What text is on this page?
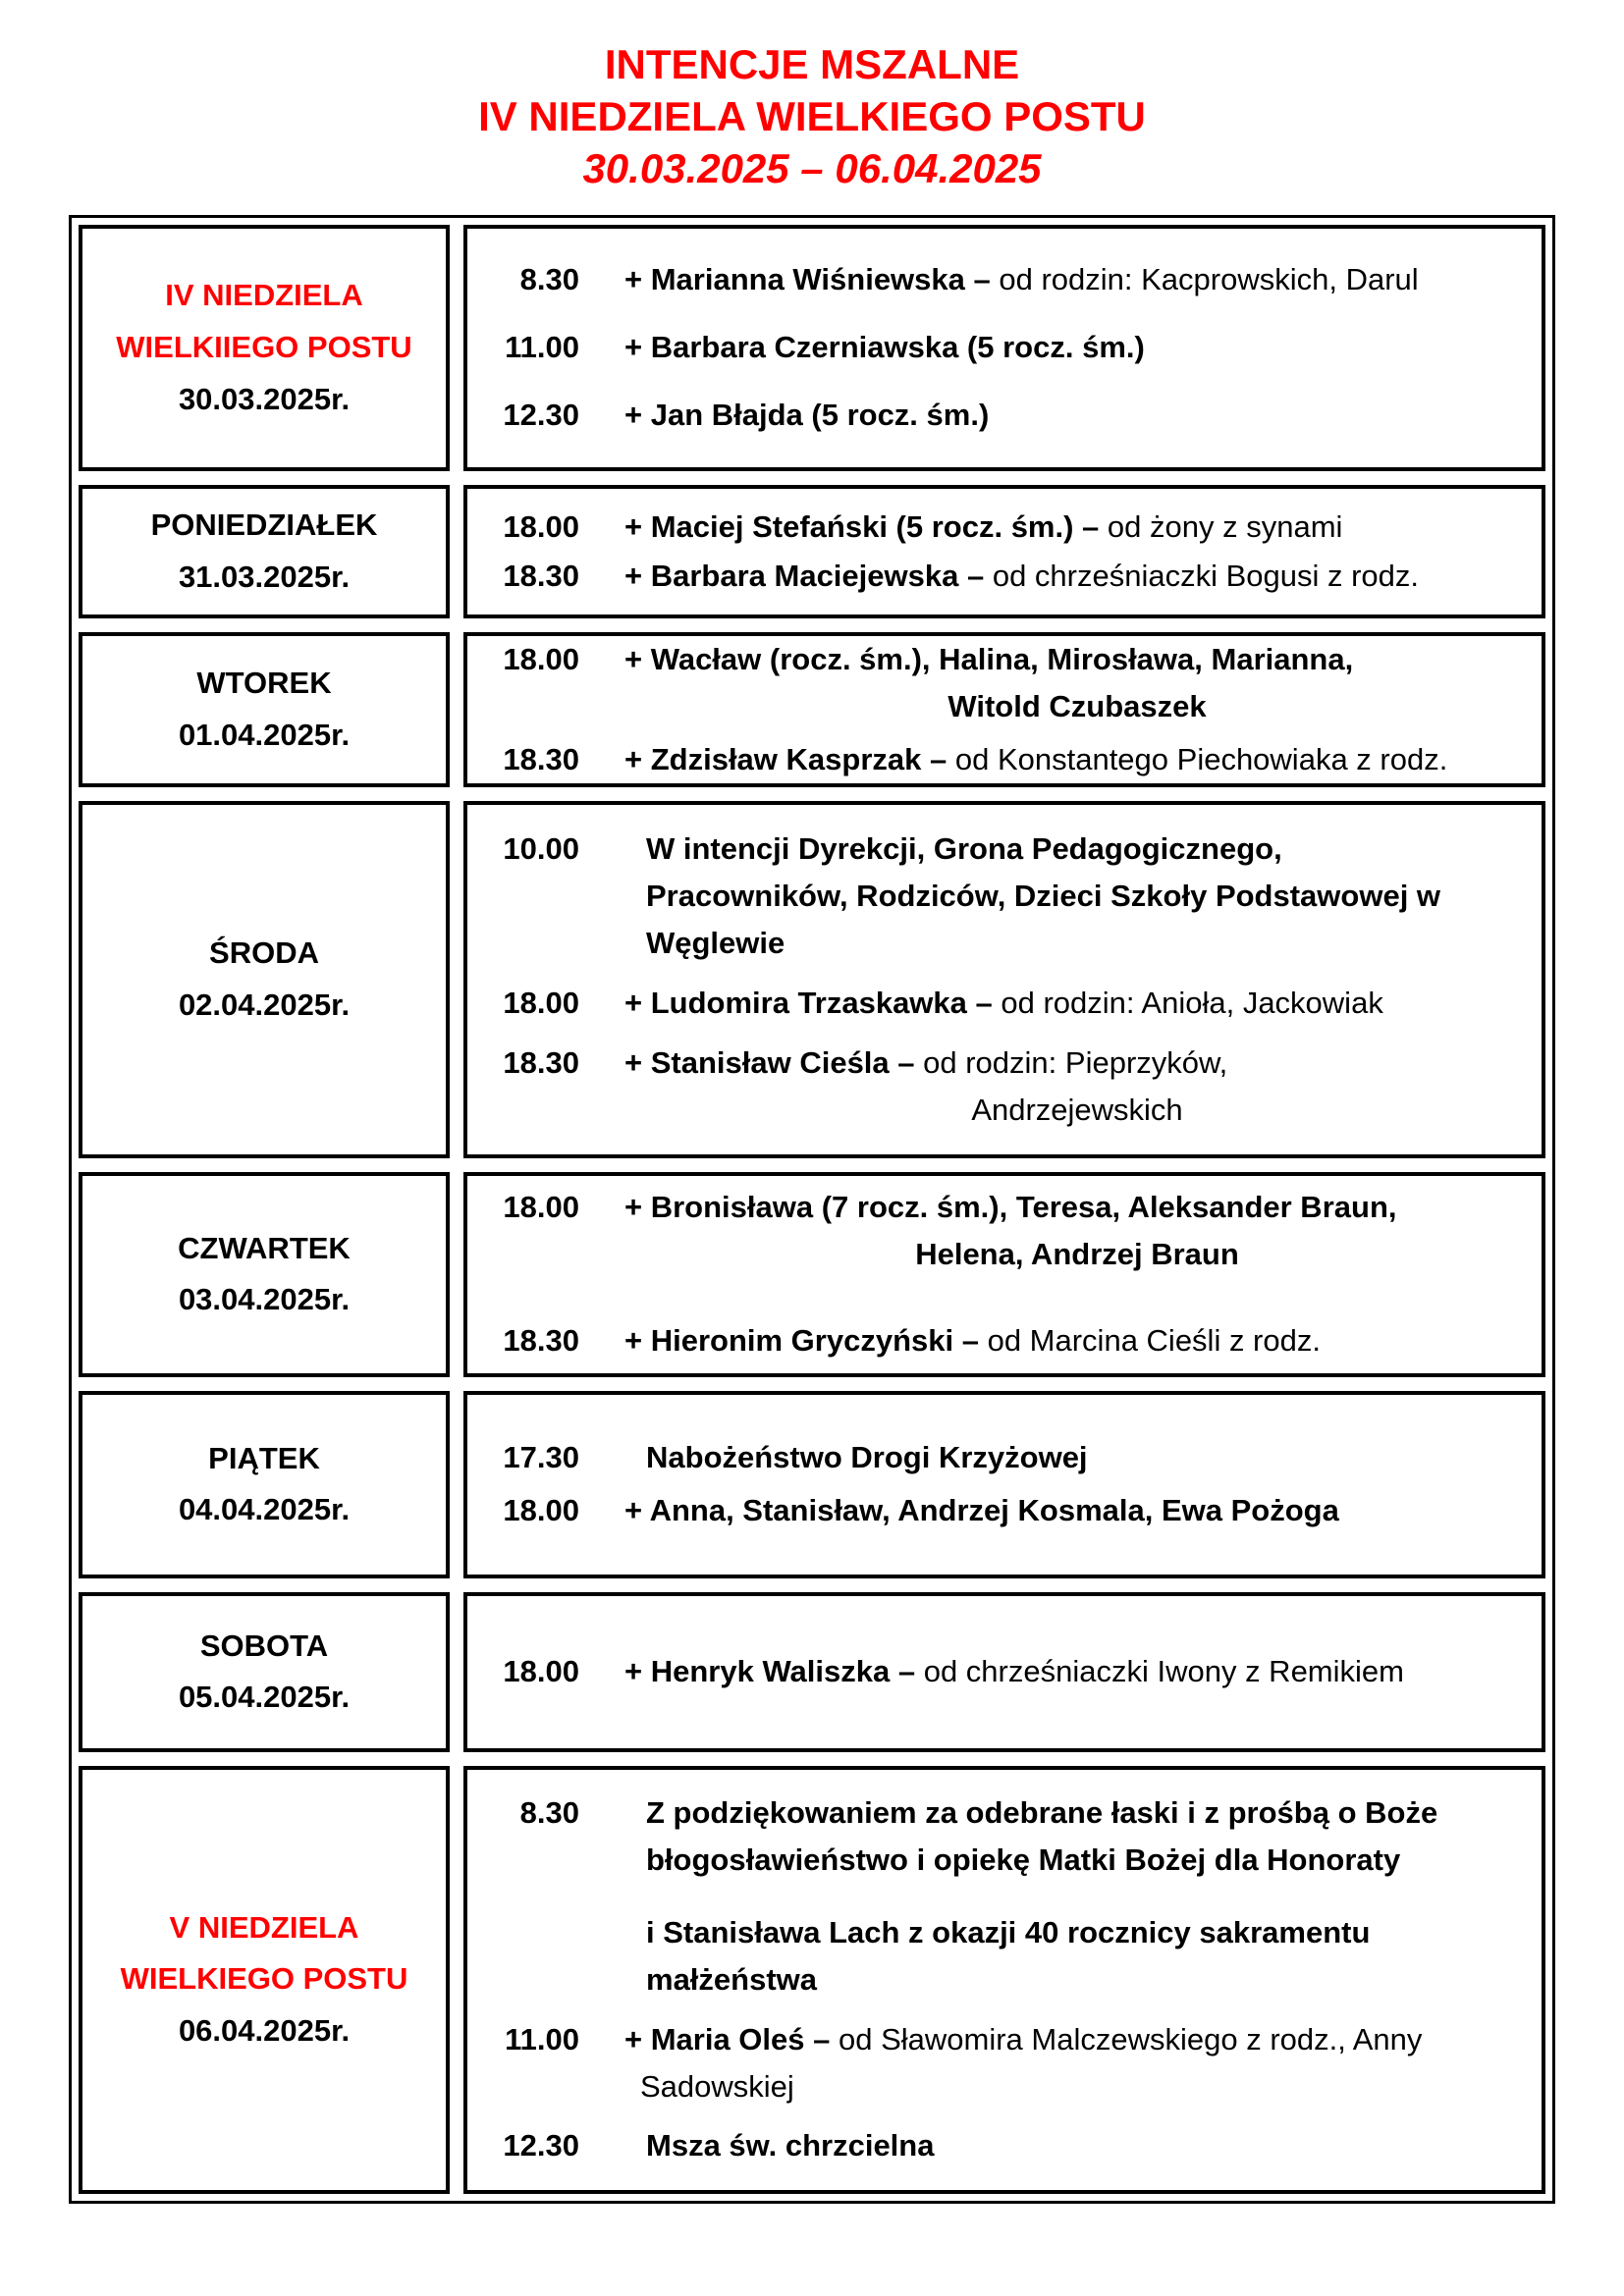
INTENCJE MSZALNE
IV NIEDZIELA WIELKIEGO POSTU
30.03.2025 – 06.04.2025
IV NIEDZIELA
WIELKIIEGO POSTU
30.03.2025r.
8.30 + Marianna Wiśniewska – od rodzin: Kacprowskich, Darul
11.00 + Barbara Czerniawska (5 rocz. śm.)
12.30 + Jan Błajda (5 rocz. śm.)
PONIEDZIAŁEK
31.03.2025r.
18.00 + Maciej Stefański (5 rocz. śm.) – od żony z synami
18.30 + Barbara Maciejewska – od chrześniaczki Bogusi z rodz.
WTOREK
01.04.2025r.
18.00 + Wacław (rocz. śm.), Halina, Mirosława, Marianna,
Witold Czubaszek
18.30 + Zdzisław Kasprzak – od Konstantego Piechowiaka z rodz.
ŚRODA
02.04.2025r.
10.00	W intencji Dyrekcji, Grona Pedagogicznego,
Pracowników, Rodziców, Dzieci Szkoły Podstawowej w
Węglewie
18.00 + Ludomira Trzaskawka – od rodzin: Anioła, Jackowiak
18.30 + Stanisław Cieśla – od rodzin: Pieprzyków,
Andrzejewskich
CZWARTEK
03.04.2025r.
18.00 + Bronisława (7 rocz. śm.), Teresa, Aleksander Braun,
Helena, Andrzej Braun
18.30 + Hieronim Gryczyński – od Marcina Cieśli z rodz.
PIĄTEK
04.04.2025r.
17.30	Nabożeństwo Drogi Krzyżowej
18.00 + Anna, Stanisław, Andrzej Kosmala, Ewa Pożoga
SOBOTA
05.04.2025r.
18.00 + Henryk Waliszka – od chrześniaczki Iwony z Remikiem
V NIEDZIELA
WIELKIEGO POSTU
06.04.2025r.
8.30	Z podziękowaniem za odebrane łaski i z prośbą o Boże
błogosławieństwo i opiekę Matki Bożej dla Honoraty
i Stanisława Lach z okazji 40 rocznicy sakramentu
małżeństwa
11.00 + Maria Oleś – od Sławomira Malczewskiego z rodz., Anny
Sadowskiej
12.30	Msza św. chrzcielna
